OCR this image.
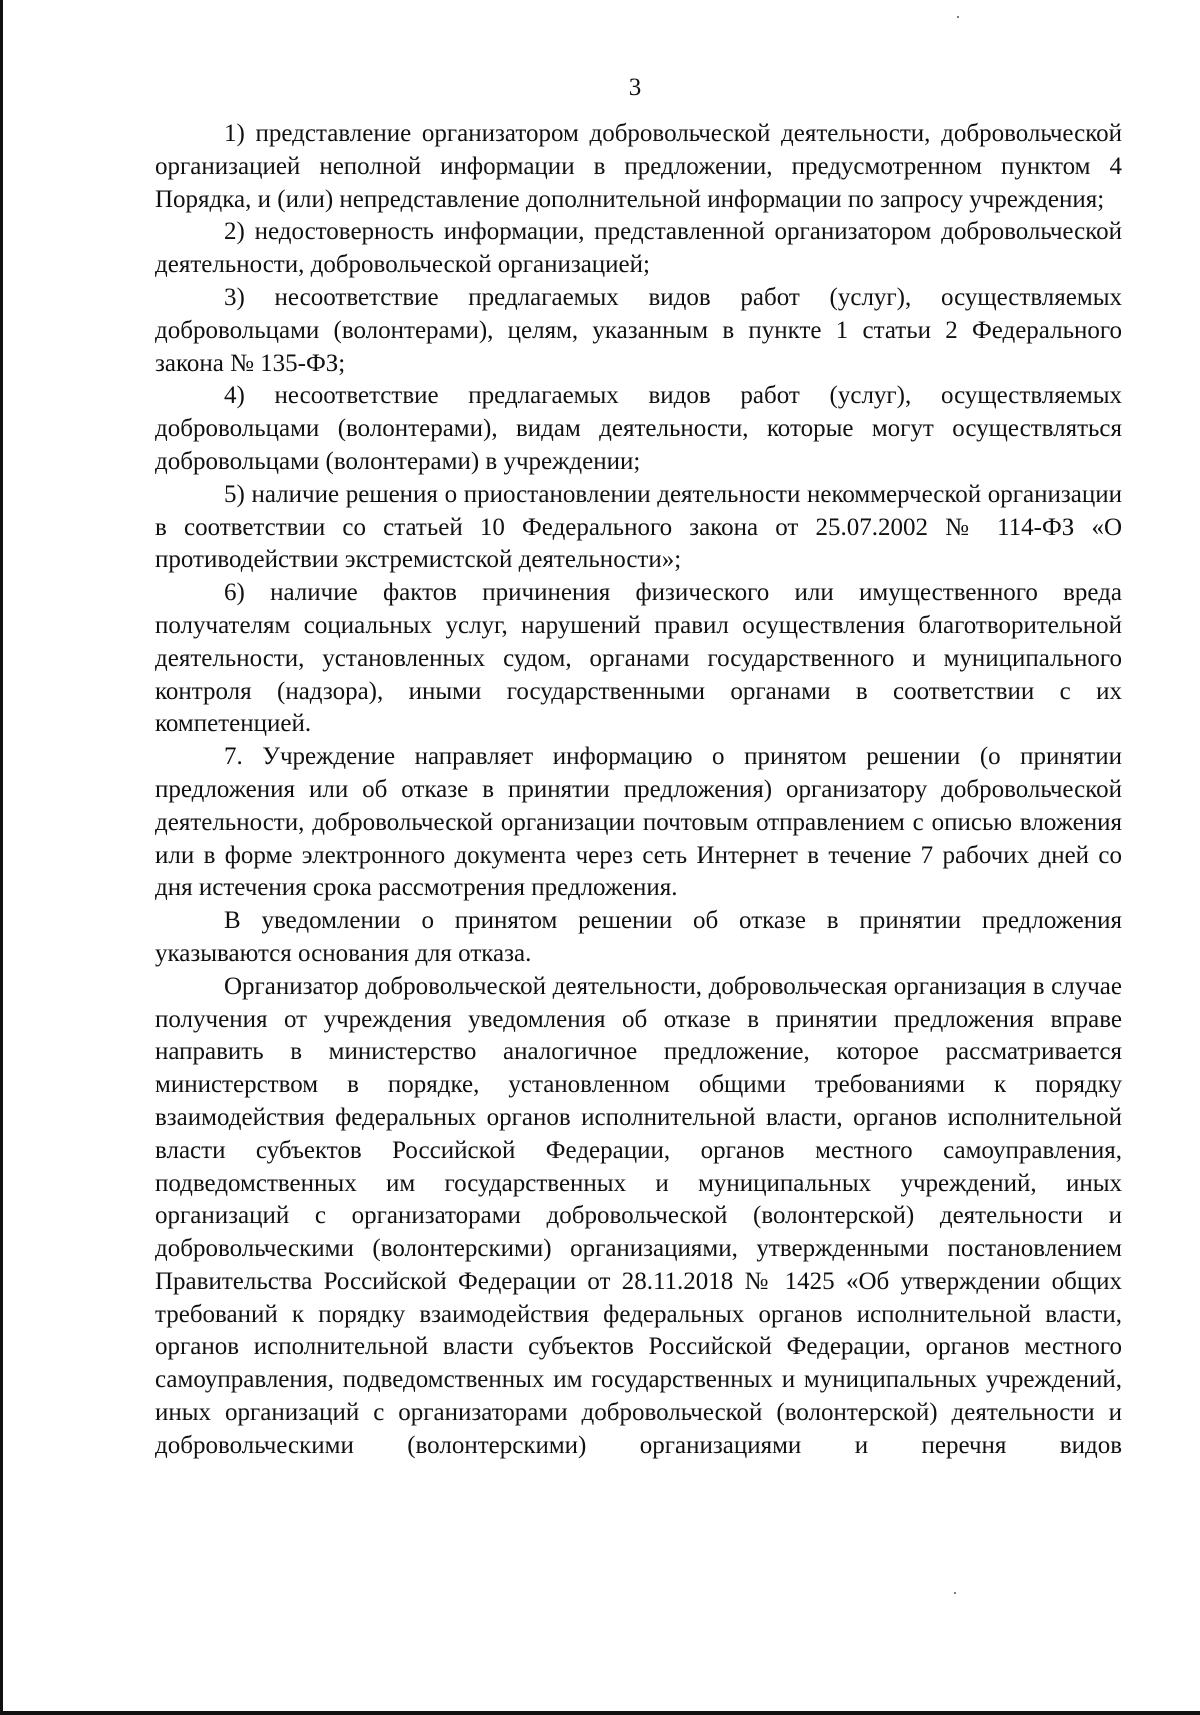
3

1) представление организатором добровольческой деятельности, добровольческой организацией неполной информации в предложении, предусмотренном пунктом 4 Порядка, и (или) непредставление дополнительной информации по запросу учреждения;

2) недостоверность информации, представленной организатором добровольческой деятельности, добровольческой организацией;

3) несоответствие предлагаемых видов работ (услуг), осуществляемых добровольцами (волонтерами), целям, указанным в пункте 1 статьи 2 Федерального закона № 135-ФЗ;

4) несоответствие предлагаемых видов работ (услуг), осуществляемых добровольцами (волонтерами), видам деятельности, которые могут осуществляться добровольцами (волонтерами) в учреждении;

5) наличие решения о приостановлении деятельности некоммерческой организации в соответствии со статьей 10 Федерального закона от 25.07.2002 № 114-ФЗ «О противодействии экстремистской деятельности»;

6) наличие фактов причинения физического или имущественного вреда получателям социальных услуг, нарушений правил осуществления благотворительной деятельности, установленных судом, органами государственного и муниципального контроля (надзора), иными государственными органами в соответствии с их компетенцией.

7. Учреждение направляет информацию о принятом решении (о принятии предложения или об отказе в принятии предложения) организатору добровольческой деятельности, добровольческой организации почтовым отправлением с описью вложения или в форме электронного документа через сеть Интернет в течение 7 рабочих дней со дня истечения срока рассмотрения предложения.

В уведомлении о принятом решении об отказе в принятии предложения указываются основания для отказа.

Организатор добровольческой деятельности, добровольческая организация в случае получения от учреждения уведомления об отказе в принятии предложения вправе направить в министерство аналогичное предложение, которое рассматривается министерством в порядке, установленном общими требованиями к порядку взаимодействия федеральных органов исполнительной власти, органов исполнительной власти субъектов Российской Федерации, органов местного самоуправления, подведомственных им государственных и муниципальных учреждений, иных организаций с организаторами добровольческой (волонтерской) деятельности и добровольческими (волонтерскими) организациями, утвержденными постановлением Правительства Российской Федерации от 28.11.2018 № 1425 «Об утверждении общих требований к порядку взаимодействия федеральных органов исполнительной власти, органов исполнительной власти субъектов Российской Федерации, органов местного самоуправления, подведомственных им государственных и муниципальных учреждений, иных организаций с организаторами добровольческой (волонтерской) деятельности и добровольческими (волонтерскими) организациями и перечня видов
